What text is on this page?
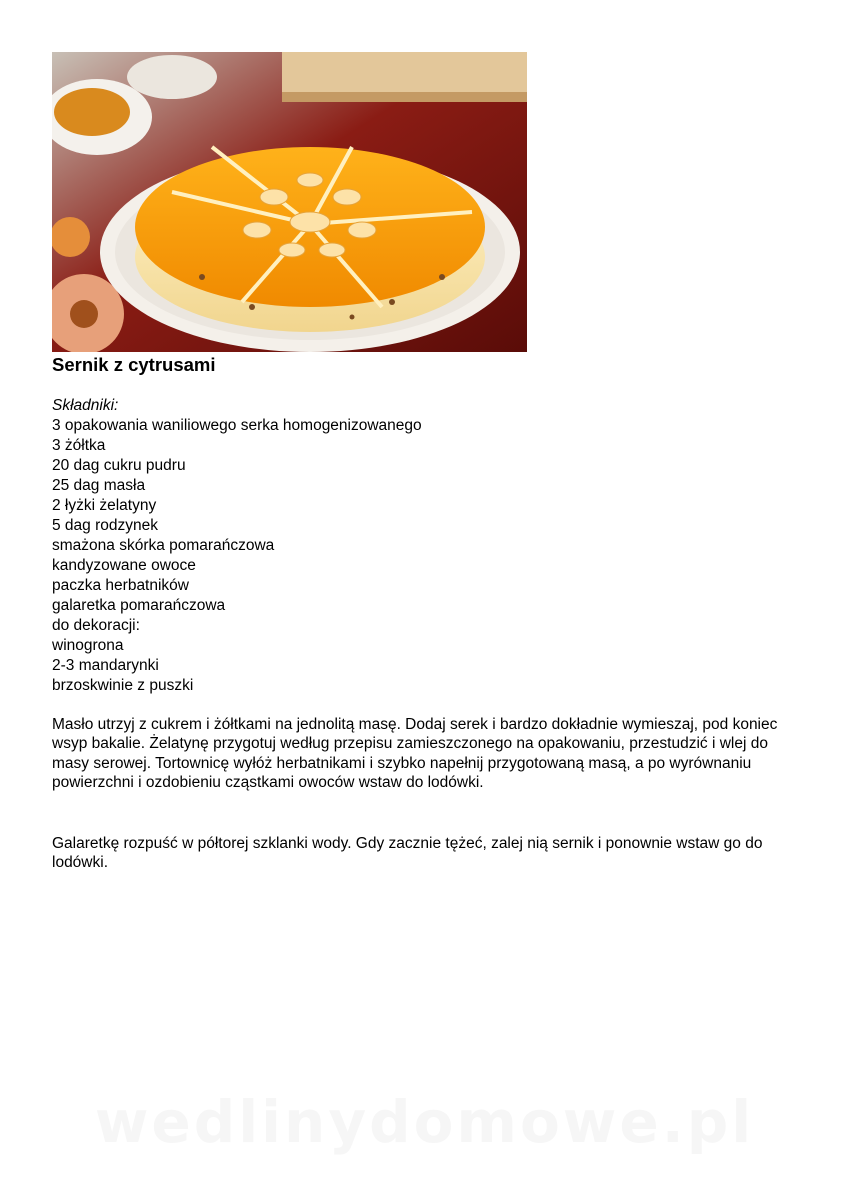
Sernik z cytrusami
Składniki:
3 opakowania waniliowego serka homogenizowanego
3 żółtka
20 dag cukru pudru
25 dag masła
2 łyżki żelatyny
5 dag rodzynek
smażona skórka pomarańczowa
kandyzowane owoce
paczka herbatników
galaretka pomarańczowa
do dekoracji:
winogrona
2-3 mandarynki
brzoskwinie z puszki

Masło utrzyj z cukrem i żółtkami na jednolitą masę. Dodaj serek i bardzo dokładnie wymieszaj, pod koniec wsyp bakalie. Żelatynę przygotuj według przepisu zamieszczonego na opakowaniu, przestudzić i wlej do masy serowej. Tortownicę wyłóż herbatnikami i szybko napełnij przygotowaną masą, a po wyrównaniu powierzchni i ozdobieniu cząstkami owoców wstaw do lodówki.

Galaretkę rozpuść w półtorej szklanki wody. Gdy zacznie tężeć, zalej nią sernik i ponownie wstaw go do lodówki.

wedlinydomowe.pl
